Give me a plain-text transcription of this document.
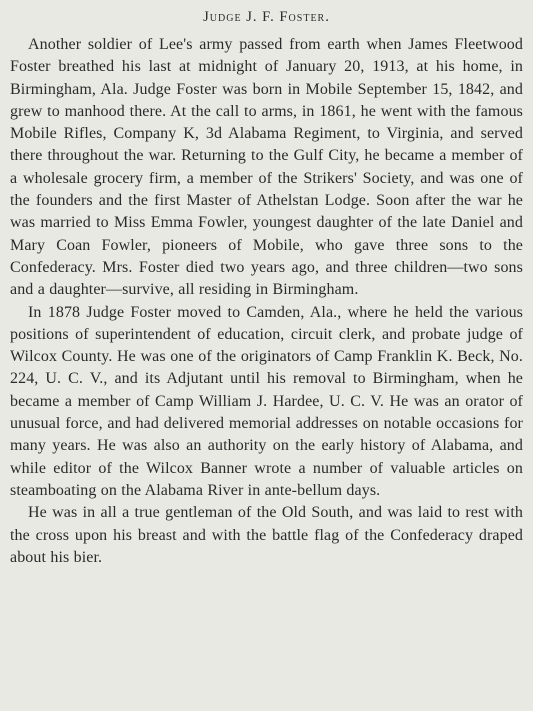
Judge J. F. Foster.

Another soldier of Lee's army passed from earth when James Fleetwood Foster breathed his last at midnight of January 20, 1913, at his home, in Birmingham, Ala. Judge Foster was born in Mobile September 15, 1842, and grew to manhood there. At the call to arms, in 1861, he went with the famous Mobile Rifles, Company K, 3d Alabama Regiment, to Virginia, and served there throughout the war. Returning to the Gulf City, he became a member of a wholesale grocery firm, a member of the Strikers' Society, and was one of the founders and the first Master of Athelstan Lodge. Soon after the war he was married to Miss Emma Fowler, youngest daughter of the late Daniel and Mary Coan Fowler, pioneers of Mobile, who gave three sons to the Confederacy. Mrs. Foster died two years ago, and three children—two sons and a daughter—survive, all residing in Birmingham.

In 1878 Judge Foster moved to Camden, Ala., where he held the various positions of superintendent of education, circuit clerk, and probate judge of Wilcox County. He was one of the originators of Camp Franklin K. Beck, No. 224, U. C. V., and its Adjutant until his removal to Birmingham, when he became a member of Camp William J. Hardee, U. C. V. He was an orator of unusual force, and had delivered memorial addresses on notable occasions for many years. He was also an authority on the early history of Alabama, and while editor of the Wilcox Banner wrote a number of valuable articles on steamboating on the Alabama River in ante-bellum days.

He was in all a true gentleman of the Old South, and was laid to rest with the cross upon his breast and with the battle flag of the Confederacy draped about his bier.
